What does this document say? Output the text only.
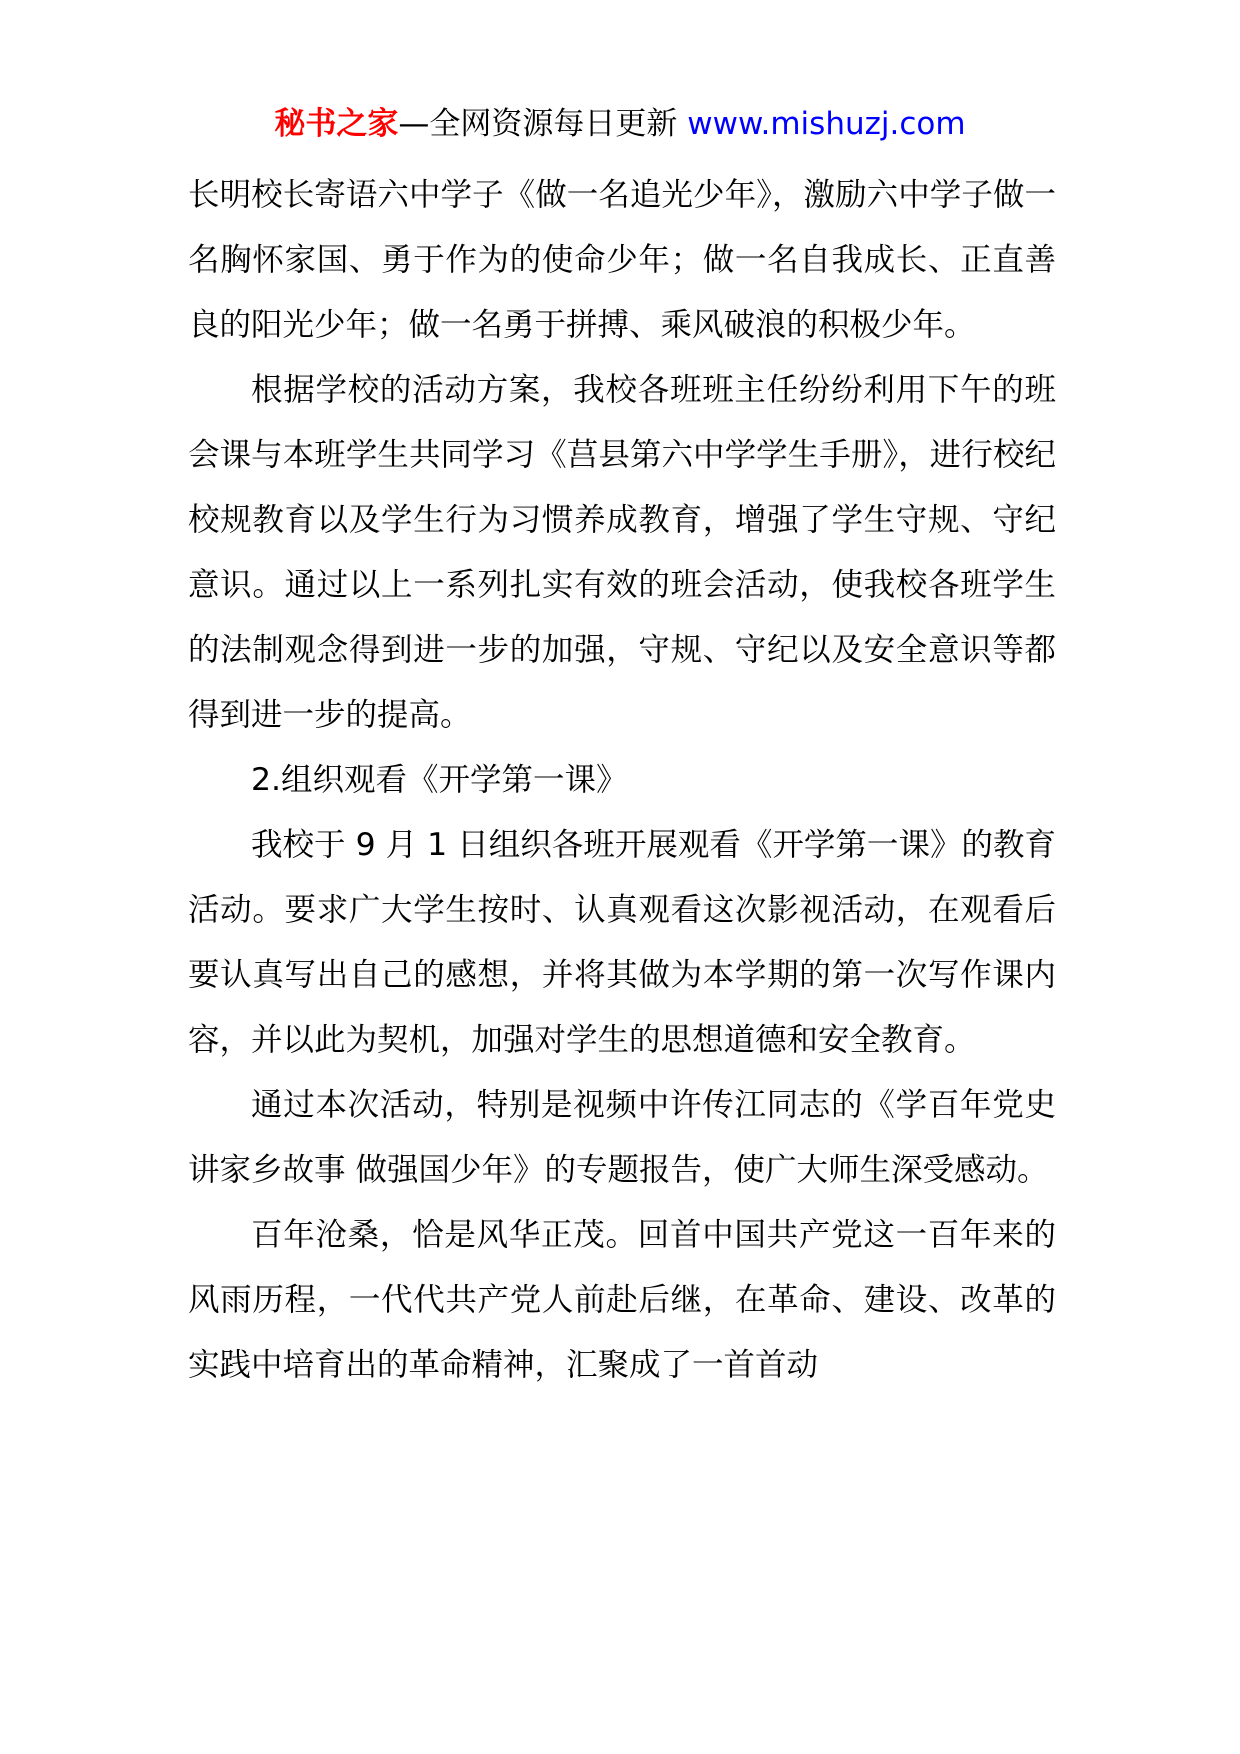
秘书之家—全网资源每日更新 www.mishuzj.com

长明校长寄语六中学子《做一名追光少年》，激励六中学子做一名胸怀家国、勇于作为的使命少年；做一名自我成长、正直善良的阳光少年；做一名勇于拼搏、乘风破浪的积极少年。

根据学校的活动方案，我校各班班主任纷纷利用下午的班会课与本班学生共同学习《莒县第六中学学生手册》，进行校纪校规教育以及学生行为习惯养成教育，增强了学生守规、守纪意识。通过以上一系列扎实有效的班会活动，使我校各班学生的法制观念得到进一步的加强，守规、守纪以及安全意识等都得到进一步的提高。

2.组织观看《开学第一课》

我校于 9 月 1 日组织各班开展观看《开学第一课》的教育活动。要求广大学生按时、认真观看这次影视活动，在观看后要认真写出自己的感想，并将其做为本学期的第一次写作课内容，并以此为契机，加强对学生的思想道德和安全教育。

通过本次活动，特别是视频中许传江同志的《学百年党史 讲家乡故事 做强国少年》的专题报告，使广大师生深受感动。

百年沧桑，恰是风华正茂。回首中国共产党这一百年来的风雨历程，一代代共产党人前赴后继，在革命、建设、改革的实践中培育出的革命精神，汇聚成了一首首动
